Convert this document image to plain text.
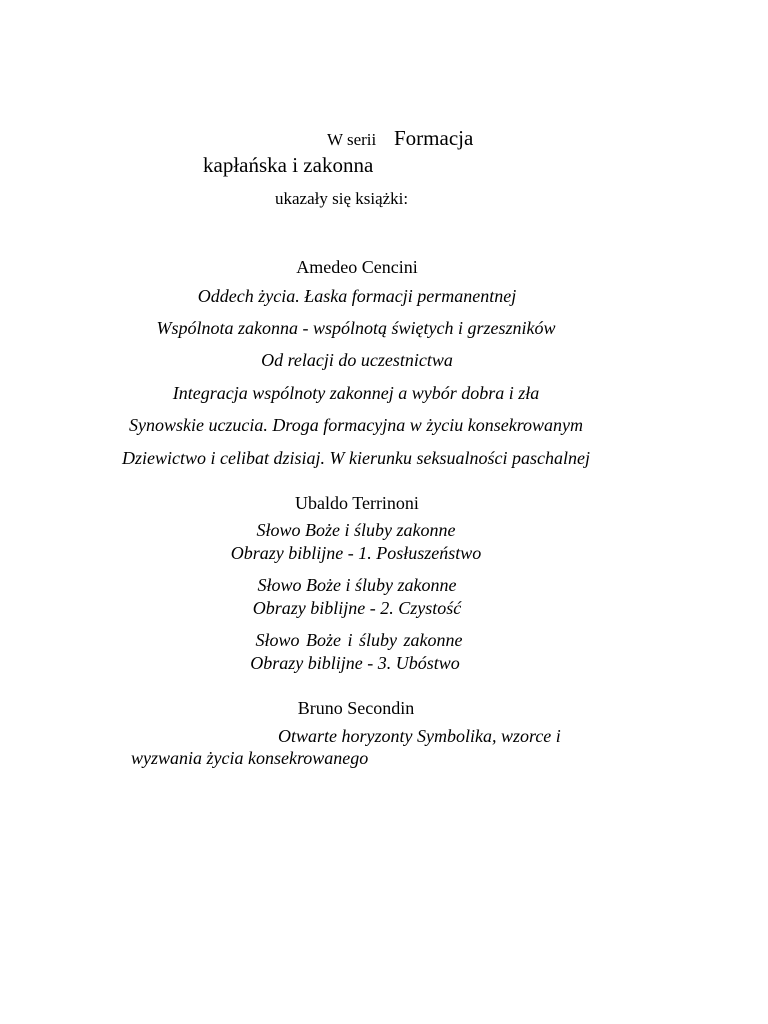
W serii Formacja
kapłańska i zakonna
ukazały się książki:
Amedeo Cencini
Oddech życia. Łaska formacji permanentnej
Wspólnota zakonna - wspólnotą świętych i grzeszników
Od relacji do uczestnictwa
Integracja wspólnoty zakonnej a wybór dobra i zła
Synowskie uczucia. Droga formacyjna w życiu konsekrowanym
Dziewictwo i celibat dzisiaj. W kierunku seksualności paschalnej
Ubaldo Terrinoni
Słowo Boże i śluby zakonne
Obrazy biblijne - 1. Posłuszeństwo
Słowo Boże i śluby zakonne
Obrazy biblijne - 2. Czystość
Słowo Boże i śluby zakonne
Obrazy biblijne - 3. Ubóstwo
Bruno Secondin
Otwarte horyzonty Symbolika, wzorce i
wyzwania życia konsekrowanego
